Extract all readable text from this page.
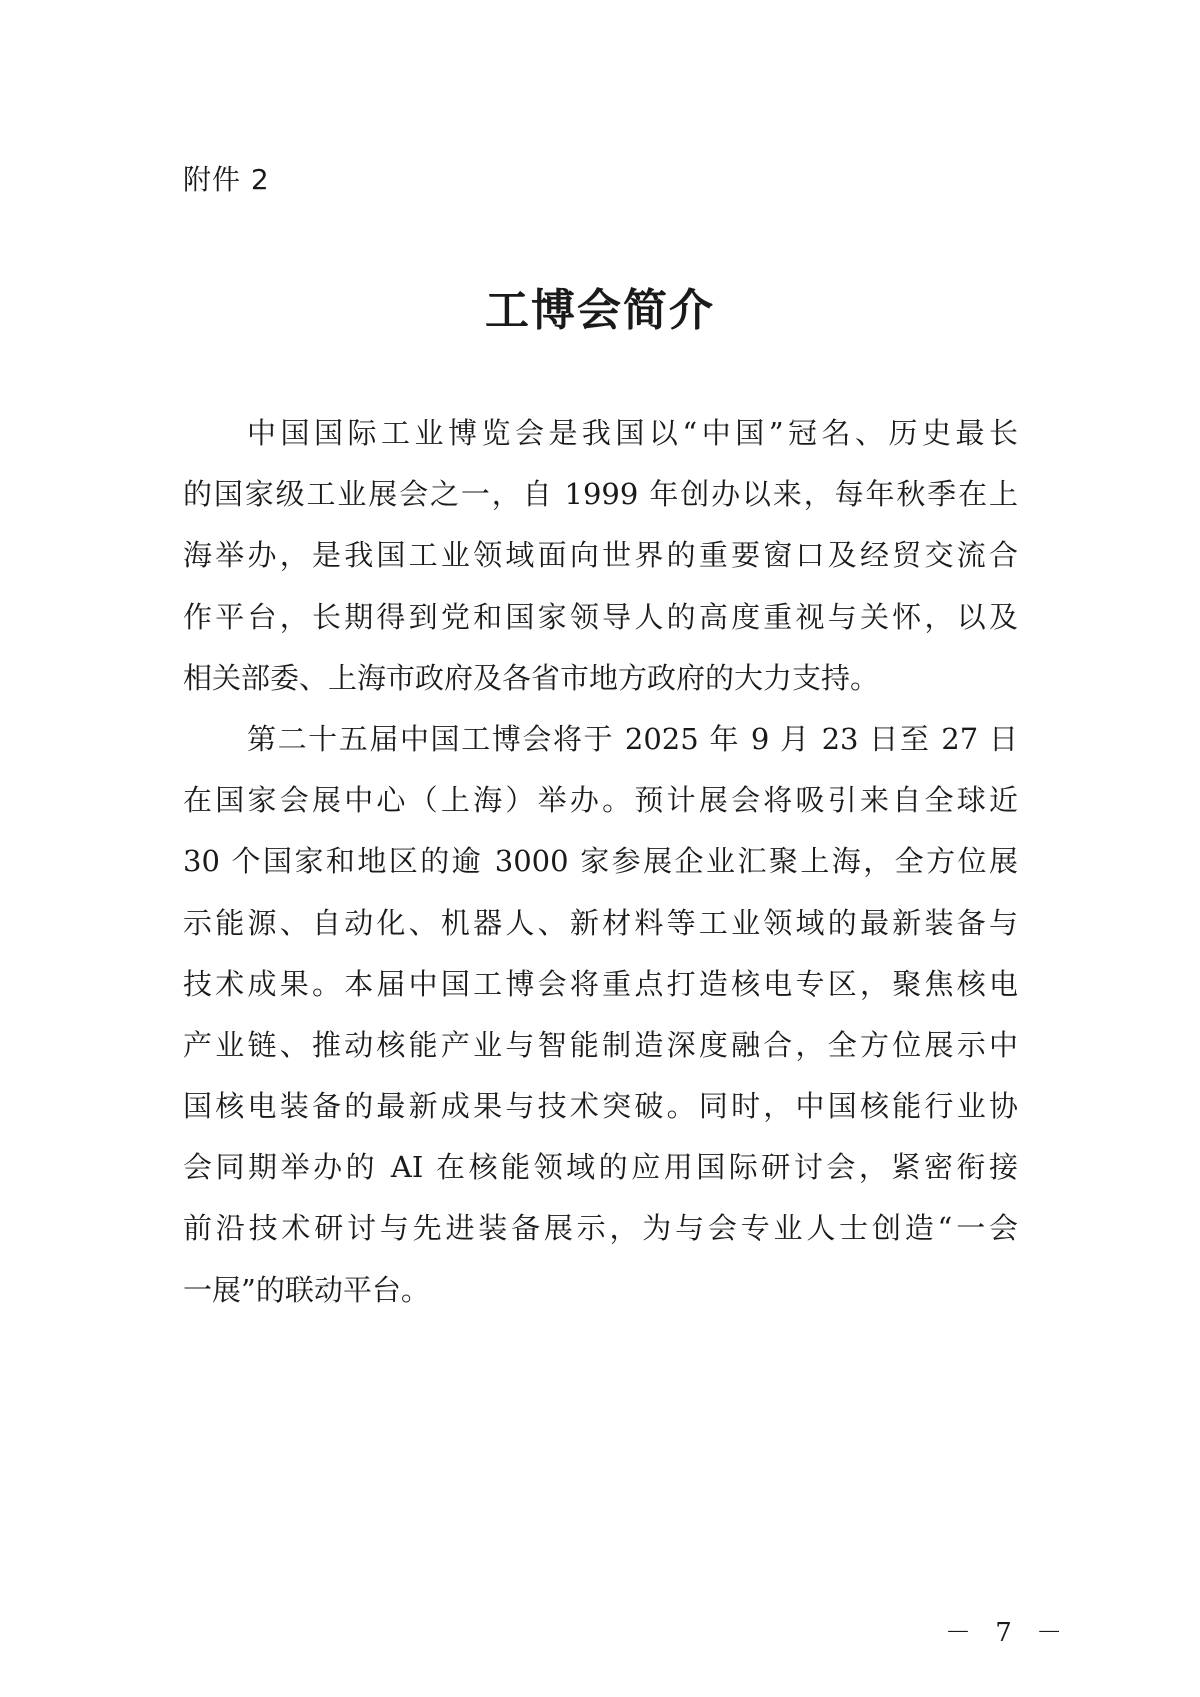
附件 2
工博会简介
中国国际工业博览会是我国以“中国”冠名、历史最长
的国家级工业展会之一，自 1999 年创办以来，每年秋季在上
海举办，是我国工业领域面向世界的重要窗口及经贸交流合
作平台，长期得到党和国家领导人的高度重视与关怀，以及
相关部委、上海市政府及各省市地方政府的大力支持。
第二十五届中国工博会将于 2025 年 9 月 23 日至 27 日
在国家会展中心（上海）举办。预计展会将吸引来自全球近
30 个国家和地区的逾 3000 家参展企业汇聚上海，全方位展
示能源、自动化、机器人、新材料等工业领域的最新装备与
技术成果。本届中国工博会将重点打造核电专区，聚焦核电
产业链、推动核能产业与智能制造深度融合，全方位展示中
国核电装备的最新成果与技术突破。同时，中国核能行业协
会同期举办的 AI 在核能领域的应用国际研讨会，紧密衔接
前沿技术研讨与先进装备展示，为与会专业人士创造“一会
一展”的联动平台。
－ 7 －
